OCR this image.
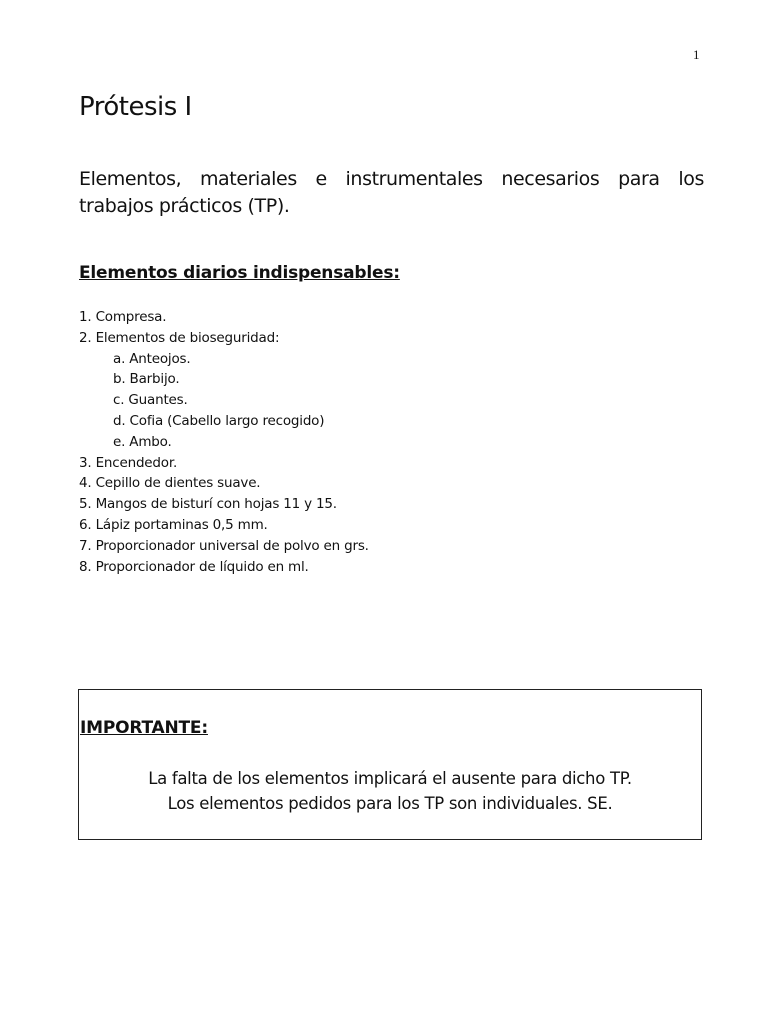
1
Prótesis I

Elementos, materiales e instrumentales necesarios para los trabajos prácticos (TP).

Elementos diarios indispensables:
1. Compresa.
2. Elementos de bioseguridad:
a. Anteojos.
b. Barbijo.
c. Guantes.
d. Cofia (Cabello largo recogido)
e. Ambo.
3. Encendedor.
4. Cepillo de dientes suave.
5. Mangos de bisturí con hojas 11 y 15.
6. Lápiz portaminas 0,5 mm.
7. Proporcionador universal de polvo en grs.
8. Proporcionador de líquido en ml.
IMPORTANTE:
La falta de los elementos implicará el ausente para dicho TP.
Los elementos pedidos para los TP son individuales. SE.
